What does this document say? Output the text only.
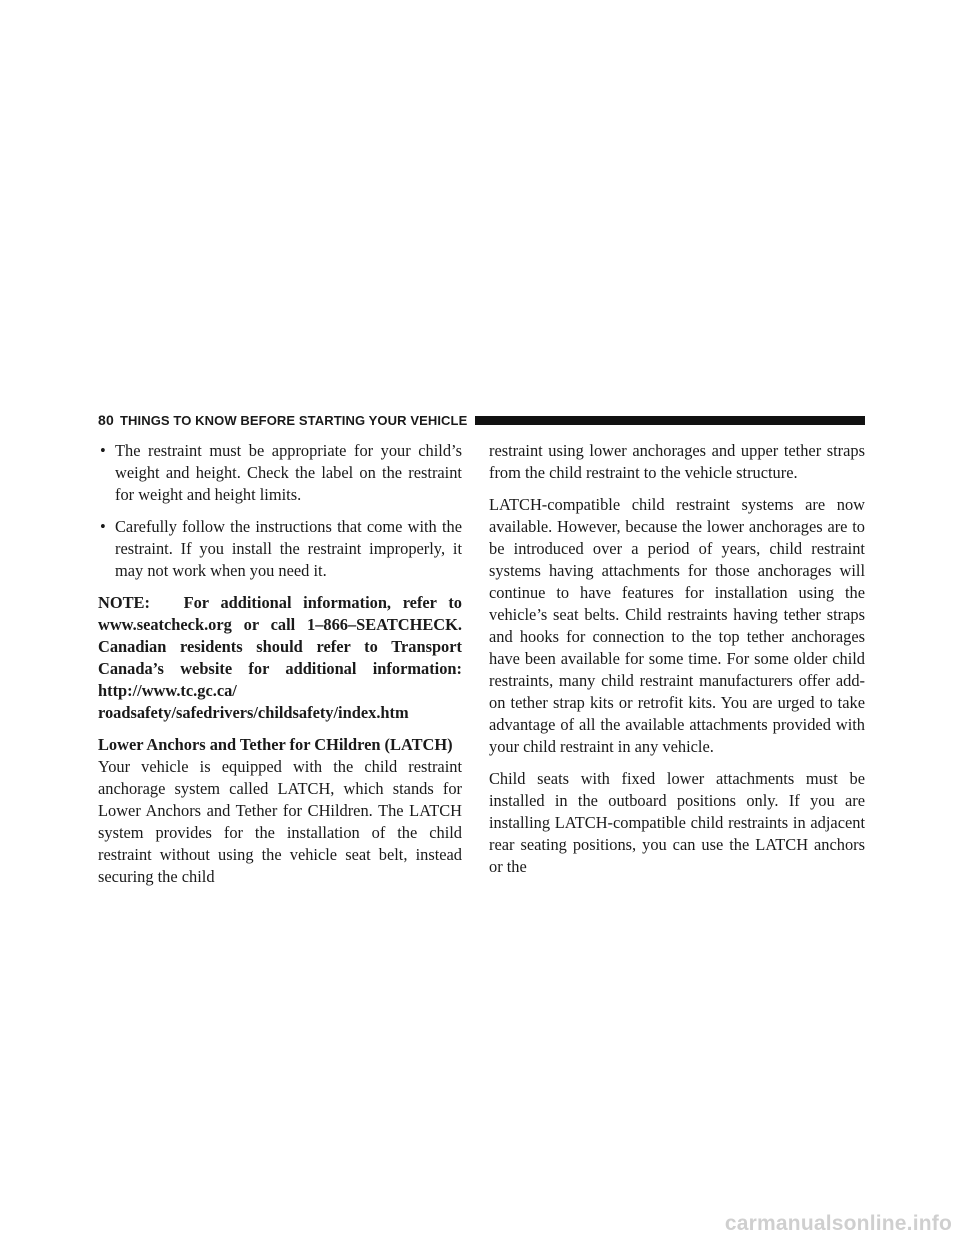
80 THINGS TO KNOW BEFORE STARTING YOUR VEHICLE
• The restraint must be appropriate for your child’s weight and height. Check the label on the restraint for weight and height limits.
• Carefully follow the instructions that come with the restraint. If you install the restraint improperly, it may not work when you need it.
NOTE: For additional information, refer to www.seatcheck.org or call 1–866–SEATCHECK. Canadian residents should refer to Transport Canada’s website for additional information: http://www.tc.gc.ca/
roadsafety/safedrivers/childsafety/index.htm
Lower Anchors and Tether for CHildren (LATCH)

Your vehicle is equipped with the child restraint anchorage system called LATCH, which stands for Lower Anchors and Tether for CHildren. The LATCH system provides for the installation of the child restraint without using the vehicle seat belt, instead securing the child

restraint using lower anchorages and upper tether straps from the child restraint to the vehicle structure.

LATCH-compatible child restraint systems are now available. However, because the lower anchorages are to be introduced over a period of years, child restraint systems having attachments for those anchorages will continue to have features for installation using the vehicle’s seat belts. Child restraints having tether straps and hooks for connection to the top tether anchorages have been available for some time. For some older child restraints, many child restraint manufacturers offer add-on tether strap kits or retrofit kits. You are urged to take advantage of all the available attachments provided with your child restraint in any vehicle.

Child seats with fixed lower attachments must be installed in the outboard positions only. If you are installing LATCH-compatible child restraints in adjacent rear seating positions, you can use the LATCH anchors or the

carmanualsonline.info
